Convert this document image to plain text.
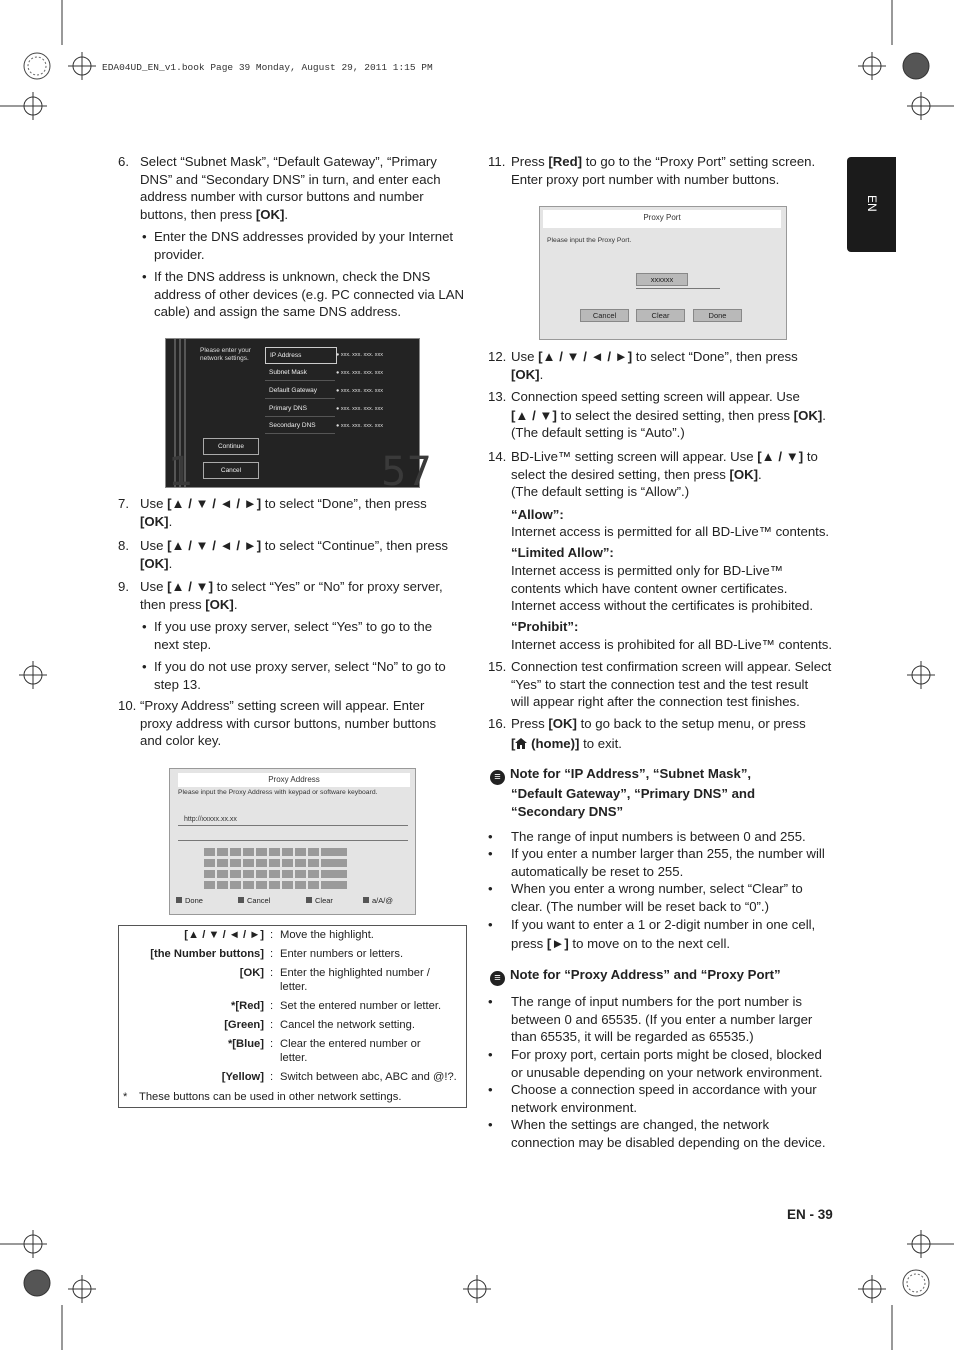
EDA04UD_EN_v1.book Page 39 Monday, August 29, 2011 1:15 PM
EN
6. Select “Subnet Mask”, “Default Gateway”, “Primary
DNS” and “Secondary DNS” in turn, and enter each
address number with cursor buttons and number
buttons, then press [OK].
• Enter the DNS addresses provided by your Internet
provider.
• If the DNS address is unknown, check the DNS
address of other devices (e.g. PC connected via LAN
cable) and assign the same DNS address.
1	57
Please enter your network settings.
Continue
Cancel
IP Address
Subnet Mask
Default Gateway
Primary DNS
Secondary DNS
● xxx. xxx. xxx. xxx
● xxx. xxx. xxx. xxx
● xxx. xxx. xxx. xxx
● xxx. xxx. xxx. xxx
● xxx. xxx. xxx. xxx
7. Use [▲ / ▼ / ◄ / ►] to select “Done”, then press
[OK].
8. Use [▲ / ▼ / ◄ / ►] to select “Continue”, then press
[OK].
9. Use [▲ / ▼] to select “Yes” or “No” for proxy server,
then press [OK].
• If you use proxy server, select “Yes” to go to the
next step.
• If you do not use proxy server, select “No” to go to
step 13.
10. “Proxy Address” setting screen will appear. Enter
proxy address with cursor buttons, number buttons
and color key.
Proxy Address
Please input the Proxy Address with keypad or software keyboard.
http://xxxxx.xx.xx
Done	Cancel	Clear	a/A/@
[▲ / ▼ / ◄ / ►] : Move the highlight.
[the Number buttons] : Enter numbers or letters.
[OK] : Enter the highlighted number /
letter.
*[Red] : Set the entered number or letter.
[Green] : Cancel the network setting.
*[Blue] : Clear the entered number or
letter.
[Yellow] : Switch between abc, ABC and @!?.
* These buttons can be used in other network settings.
11. Press [Red] to go to the “Proxy Port” setting screen.
Enter proxy port number with number buttons.
Proxy Port
Please input the Proxy Port.
xxxxxx
Cancel	Clear	Done
12. Use [▲ / ▼ / ◄ / ►] to select “Done”, then press
[OK].
13. Connection speed setting screen will appear. Use
[▲ / ▼] to select the desired setting, then press [OK].
(The default setting is “Auto”.)
14. BD-Live™ setting screen will appear. Use [▲ / ▼] to
select the desired setting, then press [OK].
(The default setting is “Allow”.)
“Allow”:
Internet access is permitted for all BD-Live™ contents.
“Limited Allow”:
Internet access is permitted only for BD-Live™
contents which have content owner certificates.
Internet access without the certificates is prohibited.
“Prohibit”:
Internet access is prohibited for all BD-Live™ contents.
15. Connection test confirmation screen will appear. Select
“Yes” to start the connection test and the test result
will appear right after the connection test finishes.
16. Press [OK] to go back to the setup menu, or press
[ (home)] to exit.
≡ Note for “IP Address”, “Subnet Mask”,
“Default Gateway”, “Primary DNS” and
“Secondary DNS”
• The range of input numbers is between 0 and 255.
• If you enter a number larger than 255, the number will
automatically be reset to 255.
• When you enter a wrong number, select “Clear” to
clear. (The number will be reset back to “0”.)
• If you want to enter a 1 or 2-digit number in one cell,
press [►] to move on to the next cell.
≡ Note for “Proxy Address” and “Proxy Port”
• The range of input numbers for the port number is
between 0 and 65535. (If you enter a number larger
than 65535, it will be regarded as 65535.)
• For proxy port, certain ports might be closed, blocked
or unusable depending on your network environment.
• Choose a connection speed in accordance with your
network environment.
• When the settings are changed, the network
connection may be disabled depending on the device.
EN - 39
